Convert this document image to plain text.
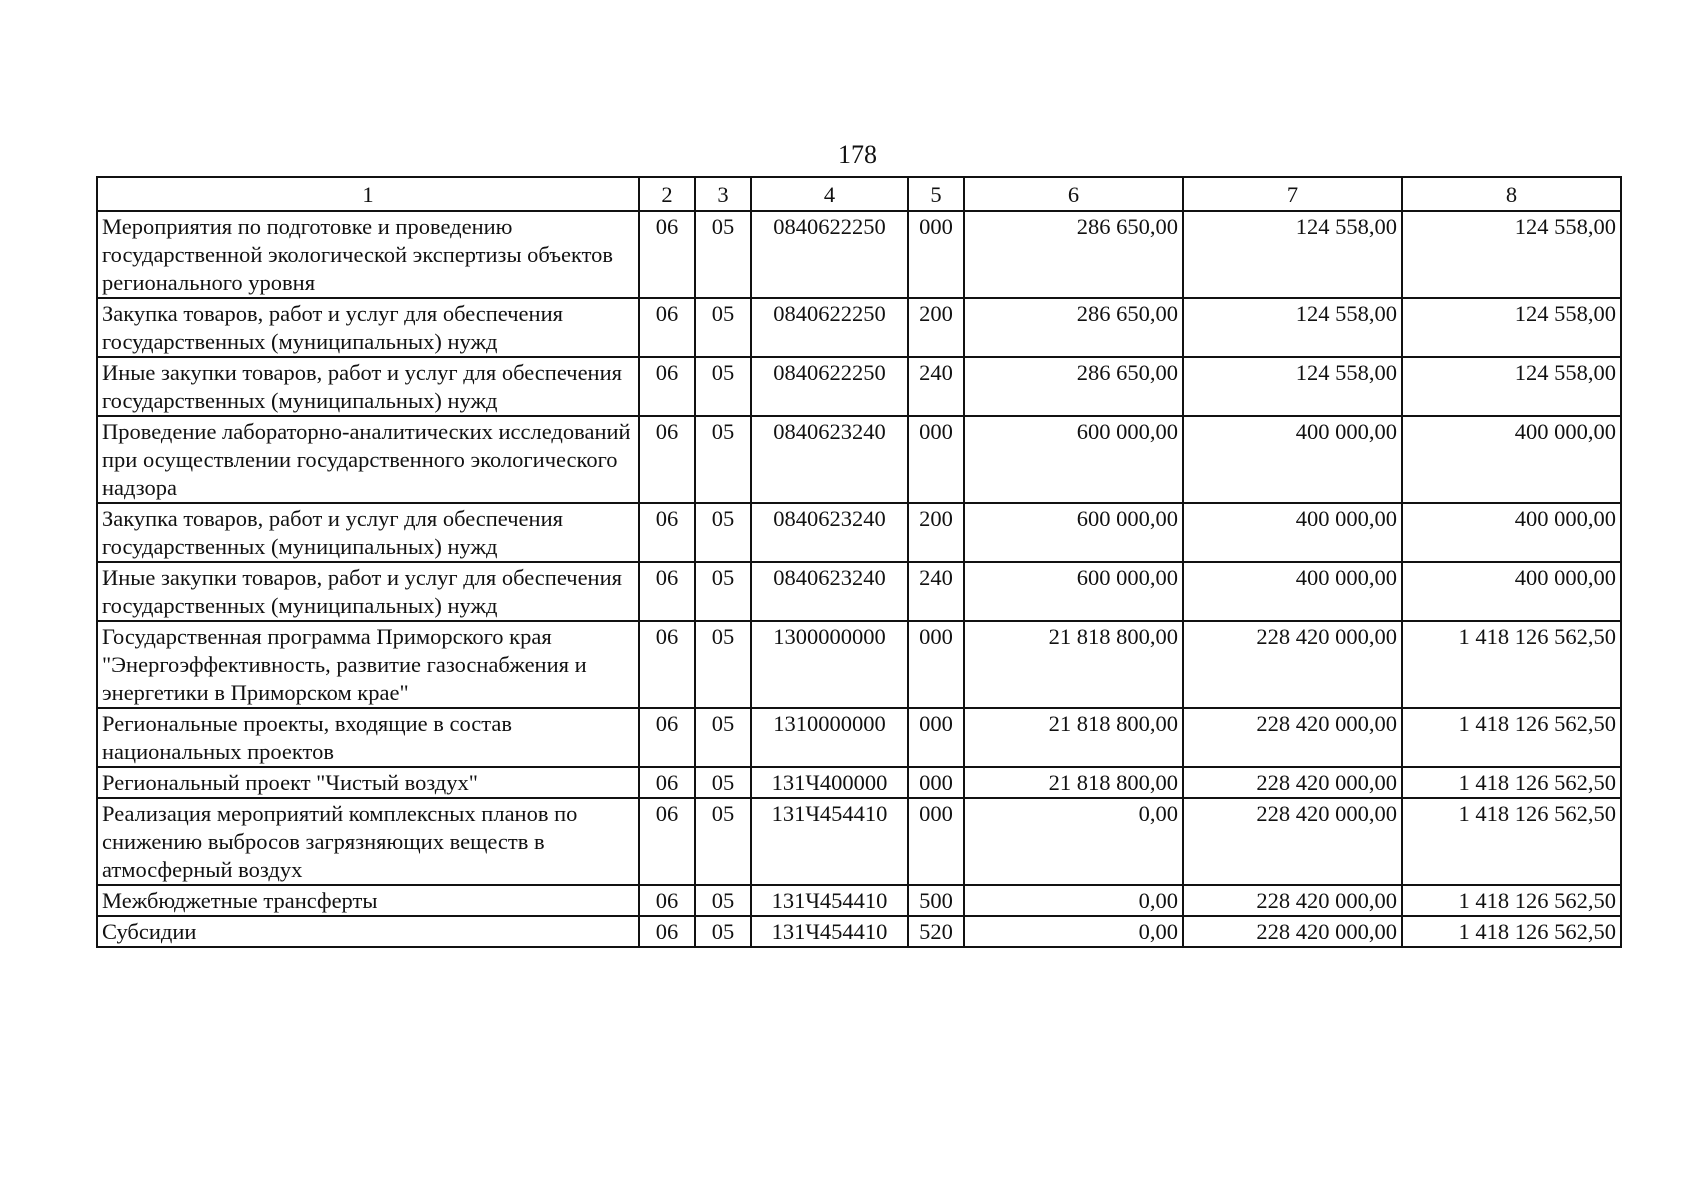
178
1	2	3	4	5	6	7	8
Мероприятия по подготовке и проведению государственной экологической экспертизы объектов регионального уровня	06	05	0840622250	000	286 650,00	124 558,00	124 558,00
Закупка товаров, работ и услуг для обеспечения государственных (муниципальных) нужд	06	05	0840622250	200	286 650,00	124 558,00	124 558,00
Иные закупки товаров, работ и услуг для обеспечения государственных (муниципальных) нужд	06	05	0840622250	240	286 650,00	124 558,00	124 558,00
Проведение лабораторно-аналитических исследований при осуществлении государственного экологического надзора	06	05	0840623240	000	600 000,00	400 000,00	400 000,00
Закупка товаров, работ и услуг для обеспечения государственных (муниципальных) нужд	06	05	0840623240	200	600 000,00	400 000,00	400 000,00
Иные закупки товаров, работ и услуг для обеспечения государственных (муниципальных) нужд	06	05	0840623240	240	600 000,00	400 000,00	400 000,00
Государственная программа Приморского края "Энергоэффективность, развитие газоснабжения и энергетики в Приморском крае"	06	05	1300000000	000	21 818 800,00	228 420 000,00	1 418 126 562,50
Региональные проекты, входящие в состав национальных проектов	06	05	1310000000	000	21 818 800,00	228 420 000,00	1 418 126 562,50
Региональный проект "Чистый воздух"	06	05	131Ч400000	000	21 818 800,00	228 420 000,00	1 418 126 562,50
Реализация мероприятий комплексных планов по снижению выбросов загрязняющих веществ в атмосферный воздух	06	05	131Ч454410	000	0,00	228 420 000,00	1 418 126 562,50
Межбюджетные трансферты	06	05	131Ч454410	500	0,00	228 420 000,00	1 418 126 562,50
Субсидии	06	05	131Ч454410	520	0,00	228 420 000,00	1 418 126 562,50
